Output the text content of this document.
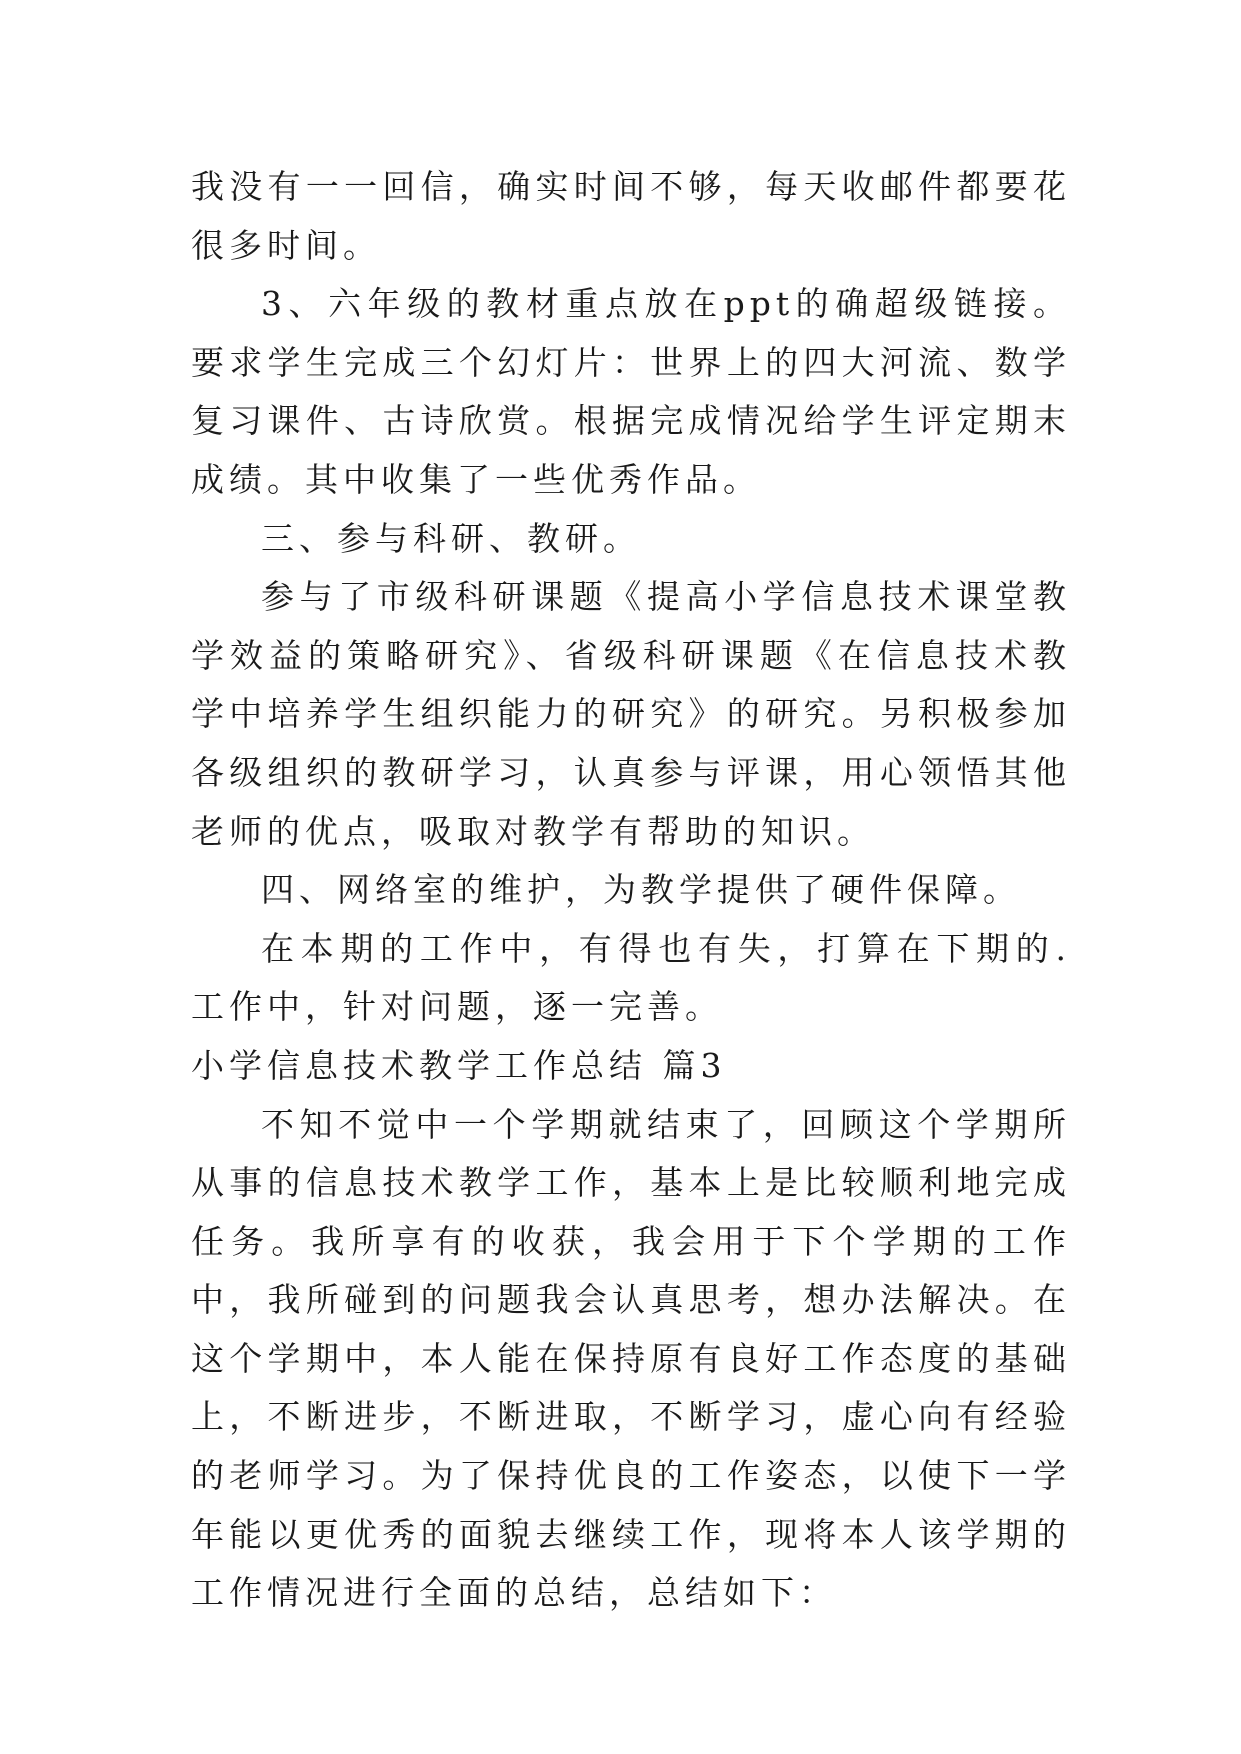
我没有一一回信，确实时间不够，每天收邮件都要花很多时间。

3、六年级的教材重点放在ppt的确超级链接。要求学生完成三个幻灯片：世界上的四大河流、数学复习课件、古诗欣赏。根据完成情况给学生评定期末成绩。其中收集了一些优秀作品。

三、参与科研、教研。

参与了市级科研课题《提高小学信息技术课堂教学效益的策略研究》、省级科研课题《在信息技术教学中培养学生组织能力的研究》的研究。另积极参加各级组织的教研学习，认真参与评课，用心领悟其他老师的优点，吸取对教学有帮助的知识。

四、网络室的维护，为教学提供了硬件保障。

在本期的工作中，有得也有失，打算在下期的.工作中，针对问题，逐一完善。

小学信息技术教学工作总结 篇3

不知不觉中一个学期就结束了，回顾这个学期所从事的信息技术教学工作，基本上是比较顺利地完成任务。我所享有的收获，我会用于下个学期的工作中，我所碰到的问题我会认真思考，想办法解决。在这个学期中，本人能在保持原有良好工作态度的基础上，不断进步，不断进取，不断学习，虚心向有经验的老师学习。为了保持优良的工作姿态，以使下一学年能以更优秀的面貌去继续工作，现将本人该学期的工作情况进行全面的总结，总结如下：
